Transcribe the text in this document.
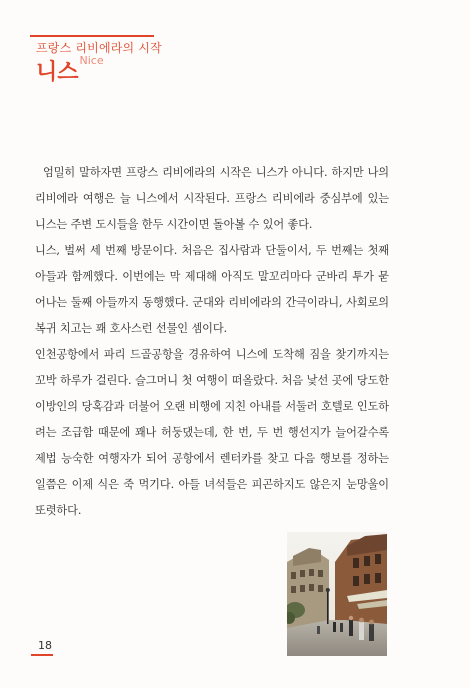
프랑스 리비에라의 시작
니스$^{Nice}$

엄밀히 말하자면 프랑스 리비에라의 시작은 니스가 아니다. 하지만 나의 리비에라 여행은 늘 니스에서 시작된다. 프랑스 리비에라 중심부에 있는 니스는 주변 도시들을 한두 시간이면 돌아볼 수 있어 좋다.

니스, 벌써 세 번째 방문이다. 처음은 집사람과 단둘이서, 두 번째는 첫째 아들과 함께했다. 이번에는 막 제대해 아직도 말꼬리마다 군바리 투가 묻어나는 둘째 아들까지 동행했다. 군대와 리비에라의 간극이라니, 사회로의 복귀 치고는 꽤 호사스런 선물인 셈이다.

인천공항에서 파리 드골공항을 경유하여 니스에 도착해 짐을 찾기까지는 꼬박 하루가 걸린다. 슬그머니 첫 여행이 떠올랐다. 처음 낯선 곳에 당도한 이방인의 당혹감과 더불어 오랜 비행에 지친 아내를 서둘러 호텔로 인도하려는 조급함 때문에 꽤나 허둥댔는데, 한 번, 두 번 행선지가 늘어갈수록 제법 능숙한 여행자가 되어 공항에서 렌터카를 찾고 다음 행보를 정하는 일쯤은 이제 식은 죽 먹기다. 아들 녀석들은 피곤하지도 않은지 눈망울이 또렷하다.

18
